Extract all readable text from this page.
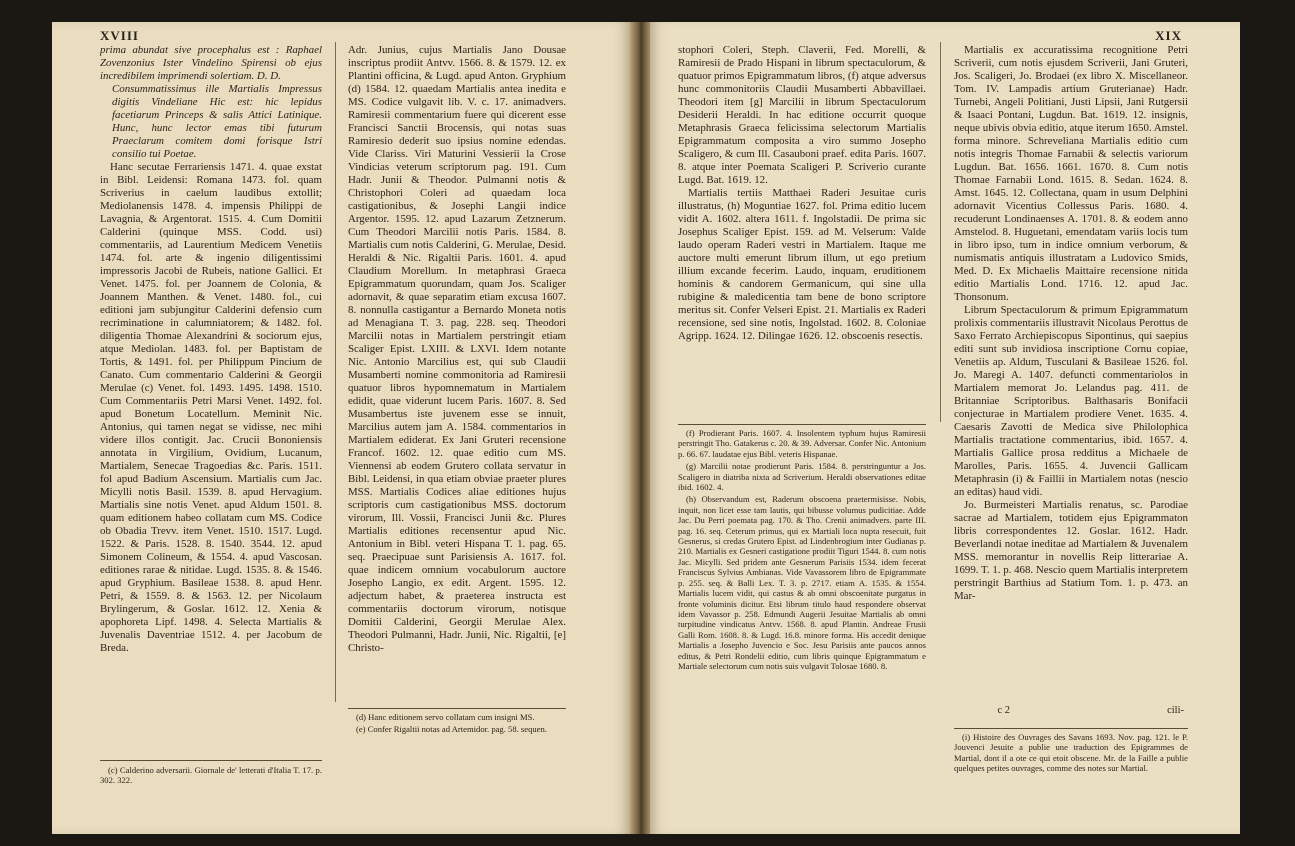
XVIII

prima abundat sive procephalus est : Raphael Zovenzonius Ister Vindelino Spirensi ob ejus incredibilem imprimendi solertiam. D. D.

Consummatissimus ille Martialis Impressus digitis Vindeliane Hic est: hic lepidus facetiarum Princeps & salis Attici Latinique. Hunc, hunc lector emas tibi futurum Praeclarum comitem domi forisque Istri consilio tui Poetae.

Hanc secutae Ferrariensis 1471. 4. quae exstat in Bibl. Leidensi: Romana 1473. fol. quam Scriverius in caelum laudibus extollit; Mediolanensis 1478. 4. impensis Philippi de Lavagnia, & Argentorat. 1515. 4. Cum Domitii Calderini (quinque MSS. Codd. usi) commentariis, ad Laurentium Medicem Venetiis 1474. fol. arte & ingenio diligentissimi impressoris Jacobi de Rubeis, natione Gallici. Et Venet. 1475. fol. per Joannem de Colonia, & Joannem Manthen. & Venet. 1480. fol., cui editioni jam subjungitur Calderini defensio cum recriminatione in calumniatorem; & 1482. fol. diligentia Thomae Alexandrini & sociorum ejus, atque Mediolan. 1483. fol. per Baptistam de Tortis, & 1491. fol. per Philippum Pincium de Canato. Cum commentario Calderini & Georgii Merulae (c) Venet. fol. 1493. 1495. 1498. 1510. Cum Commentariis Petri Marsi Venet. 1492. fol. apud Bonetum Locatellum. Meminit Nic. Antonius, qui tamen negat se vidisse, nec mihi videre illos contigit. Jac. Crucii Bononiensis annotata in Virgilium, Ovidium, Lucanum, Martialem, Senecae Tragoedias &c. Paris. 1511. fol apud Badium Ascensium. Martialis cum Jac. Micylli notis Basil. 1539. 8. apud Hervagium. Martialis sine notis Venet. apud Aldum 1501. 8. quam editionem habeo collatam cum MS. Codice ob Obadia Trevv. item Venet. 1510. 1517. Lugd. 1522. & Paris. 1528. 8. 1540. 3544. 12. apud Simonem Colineum, & 1554. 4. apud Vascosan. editiones rarae & nitidae. Lugd. 1535. 8. & 1546. apud Gryphium. Basileae 1538. 8. apud Henr. Petri, & 1559. 8. & 1563. 12. per Nicolaum Brylingerum, & Goslar. 1612. 12. Xenia & apophoreta Lipf. 1498. 4. Selecta Martialis & Juvenalis Daventriae 1512. 4. per Jacobum de Breda.

Adr. Junius, cujus Martialis Jano Dousae inscriptus prodiit Antvv. 1566. 8. & 1579. 12. ex Plantini officina, & Lugd. apud Anton. Gryphium (d) 1584. 12. quaedam Martialis antea inedita e MS. Codice vulgavit lib. V. c. 17. animadvers. Ramiresii commentarium fuere qui dicerent esse Francisci Sanctii Brocensis, qui notas suas Ramiresio dederit suo ipsius nomine edendas. Vide Clariss. Viri Maturini Vessierii la Crose Vindicias veterum scriptorum pag. 191. Cum Hadr. Junii & Theodor. Pulmanni notis & Christophori Coleri ad quaedam loca castigationibus, & Josephi Langii indice Argentor. 1595. 12. apud Lazarum Zetznerum. Cum Theodori Marcilii notis Paris. 1584. 8. Martialis cum notis Calderini, G. Merulae, Desid. Heraldi & Nic. Rigaltii Paris. 1601. 4. apud Claudium Morellum. In metaphrasi Graeca Epigrammatum quorundam, quam Jos. Scaliger adornavit, & quae separatim etiam excusa 1607. 8. nonnulla castigantur a Bernardo Moneta notis ad Menagiana T. 3. pag. 228. seq. Theodori Marcilii notas in Martialem perstringit etiam Scaliger Epist. LXIII. & LXVI. Idem notante Nic. Antonio Marcilius est, qui sub Claudii Musamberti nomine commonitoria ad Ramiresii quatuor libros hypomnematum in Martialem edidit, quae viderunt lucem Paris. 1607. 8. Sed Musambertus iste juvenem esse se innuit, Marcilius autem jam A. 1584. commentarios in Martialem ediderat. Ex Jani Gruteri recensione Francof. 1602. 12. quae editio cum MS. Viennensi ab eodem Grutero collata servatur in Bibl. Leidensi, in qua etiam obviae praeter plures MSS. Martialis Codices aliae editiones hujus scriptoris cum castigationibus MSS. doctorum virorum, Ill. Vossii, Francisci Junii &c. Plures Martialis editiones recensentur apud Nic. Antonium in Bibl. veteri Hispana T. 1. pag. 65. seq. Praecipuae sunt Parisiensis A. 1617. fol. quae indicem omnium vocabulorum auctore Josepho Langio, ex edit. Argent. 1595. 12. adjectum habet, & praeterea instructa est commentariis doctorum virorum, notisque Domitii Calderini, Georgii Merulae Alex. Theodori Pulmanni, Hadr. Junii, Nic. Rigaltii, [e] Christo-

(c) Calderino adversarii. Giornale de' letterati d'Italia T. 17. p. 302. 322.

(d) Hanc editionem servo collatam cum insigni MS.

(e) Confer Rigaltii notas ad Artemidor. pag. 58. sequen.

XIX

stophori Coleri, Steph. Claverii, Fed. Morelli, & Ramiresii de Prado Hispani in librum spectaculorum, & quatuor primos Epigrammatum libros, (f) atque adversus hunc commonitoriis Claudii Musamberti Abbavillaei. Theodori item [g] Marcilii in librum Spectaculorum Desiderii Heraldi. In hac editione occurrit quoque Metaphrasis Graeca felicissima selectorum Martialis Epigrammatum composita a viro summo Josepho Scaligero, & cum Ill. Casauboni praef. edita Paris. 1607. 8. atque inter Poemata Scaligeri P. Scriverio curante Lugd. Bat. 1619. 12.

Martialis tertiis Matthaei Raderi Jesuitae curis illustratus, (h) Moguntiae 1627. fol. Prima editio lucem vidit A. 1602. altera 1611. f. Ingolstadii. De prima sic Josephus Scaliger Epist. 159. ad M. Velserum: Valde laudo operam Raderi vestri in Martialem. Itaque me auctore multi emerunt librum illum, ut ego pretium illium excande fecerim. Laudo, inquam, eruditionem hominis & candorem Germanicum, qui sine ulla rubigine & maledicentia tam bene de bono scriptore meritus sit. Confer Velseri Epist. 21. Martialis ex Raderi recensione, sed sine notis, Ingolstad. 1602. 8. Coloniae Agripp. 1624. 12. Dilingae 1626. 12. obscoenis resectis.

Martialis ex accuratissima recognitione Petri Scriverii, cum notis ejusdem Scriverii, Jani Gruteri, Jos. Scaligeri, Jo. Brodaei (ex libro X. Miscellaneor. Tom. IV. Lampadis artium Gruterianae) Hadr. Turnebi, Angeli Politiani, Justi Lipsii, Jani Rutgersii & Isaaci Pontani, Lugdun. Bat. 1619. 12. insignis, neque ubivis obvia editio, atque iterum 1650. Amstel. forma minore. Schreveliana Martialis editio cum notis integris Thomae Farnabii & selectis variorum Lugdun. Bat. 1656. 1661. 1670. 8. Cum notis Thomae Farnabii Lond. 1615. 8. Sedan. 1624. 8. Amst. 1645. 12. Collectana, quam in usum Delphini adornavit Vicentius Collessus Paris. 1680. 4. recuderunt Londinaenses A. 1701. 8. & eodem anno Amstelod. 8. Huguetani, emendatam variis locis tum in libro ipso, tum in indice omnium verborum, & numismatis antiquis illustratam a Ludovico Smids, Med. D. Ex Michaelis Maittaire recensione nitida editio Martialis Lond. 1716. 12. apud Jac. Thonsonum.

Librum Spectaculorum & primum Epigrammatum prolixis commentariis illustravit Nicolaus Perottus de Saxo Ferrato Archiepiscopus Sipontinus, qui saepius editi sunt sub invidiosa inscriptione Cornu copiae, Venetiis ap. Aldum, Tusculani & Basileae 1526. fol. Jo. Maregi A. 1407. defuncti commentariolos in Martialem memorat Jo. Lelandus pag. 411. de Britanniae Scriptoribus. Balthasaris Bonifacii conjecturae in Martialem prodiere Venet. 1635. 4. Caesaris Zavotti de Medica sive Philolophica Martialis tractatione commentarius, ibid. 1657. 4. Martialis Gallice prosa redditus a Michaele de Marolles, Paris. 1655. 4. Juvencii Gallicam Metaphrasin (i) & Faillii in Martialem notas (nescio an editas) haud vidi.

Jo. Burmeisteri Martialis renatus, sc. Parodiae sacrae ad Martialem, totidem ejus Epigrammaton libris correspondentes 12. Goslar. 1612. Hadr. Beverlandi notae ineditae ad Martialem & Juvenalem MSS. memorantur in novellis Reip litterariae A. 1699. T. 1. p. 468. Nescio quem Martialis interpretem perstringit Barthius ad Statium Tom. 1. p. 473. an Mar-

(f) Prodierant Paris. 1607. 4. Insolentem typhum hujus Ramiresii perstringit Tho. Gatakerus c. 20. & 39. Adversar. Confer Nic. Antonium p. 66. 67. laudatae ejus Bibl. veteris Hispanae.

(g) Marcilii notae prodierunt Paris. 1584. 8. perstringuntur a Jos. Scaligero in diatriba nixta ad Scriverium. Heraldi observationes editae ibid. 1602. 4.

(h) Observandum est, Raderum obscoena praetermisisse. Nobis, inquit, non licet esse tam lautis, qui bibusse volumus pudicitiae. Adde Jac. Du Perri poemata pag. 170. & Tho. Crenii animadvers. parte III. pag. 16. seq. Ceterum primus, qui ex Martiali loca nupta resecuit, fuit Gesnerus, si credas Grutero Epist. ad Lindenbrogium inter Gudianas p. 210. Martialis ex Gesneri castigatione prodiit Tiguri 1544. 8. cum notis Jac. Micylli. Sed pridem ante Gesnerum Parisiis 1534. idem fecerat Franciscus Sylvius Ambianas. Vide Vavassorem libro de Epigrammate p. 255. seq. & Balli Lex. T. 3. p. 2717. etiam A. 1535. & 1554. Martialis lucem vidit, qui castus & ab omni obscoenitate purgatus in fronte voluminis dicitur. Etsi librum titulo haud respondere observat idem Vavassor p. 258. Edmundi Augerii Jesuitae Martialis ab omni turpitudine vindicatus Antvv. 1568. 8. apud Plantin. Andreae Frusii Galli Rom. 1608. 8. & Lugd. 16.8. minore forma. His accedit denique Martialis a Josepho Juvencio e Soc. Jesu Parisiis ante paucos annos editus, & Petri Rondelii editio, cum libris quinque Epigrammatum e Martiale selectorum cum notis suis vulgavit Tolosae 1680. 8.

(i) Histoire des Ouvrages des Savans 1693. Nov. pag. 121. le P. Jouvenci Jesuite a publie une traduction des Epigrammes de Martial, dont il a ote ce qui etoit obscene. Mr. de la Faille a publie quelques petites ouvrages, comme des notes sur Martial.

c 2	cili-
